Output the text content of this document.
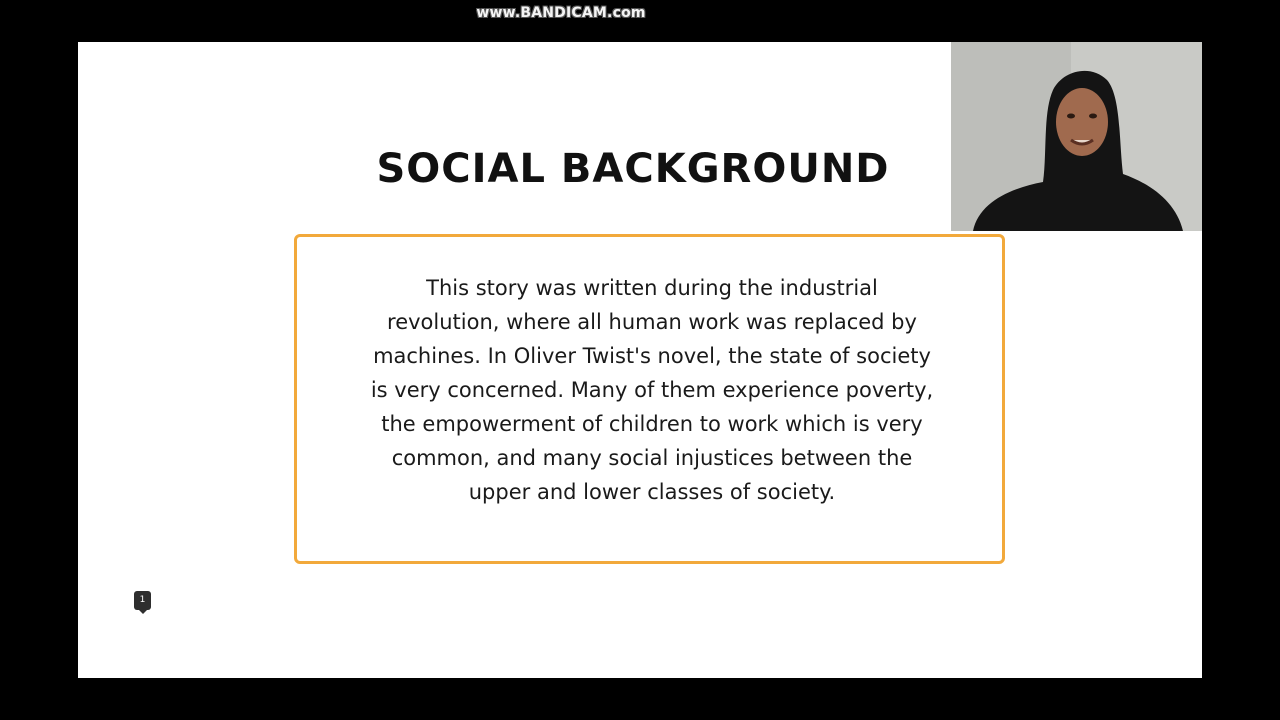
SOCIAL BACKGROUND

This story was written during the industrial revolution, where all human work was replaced by machines. In Oliver Twist's novel, the state of society is very concerned. Many of them experience poverty, the empowerment of children to work which is very common, and many social injustices between the upper and lower classes of society.

1
www.BANDICAM.com
